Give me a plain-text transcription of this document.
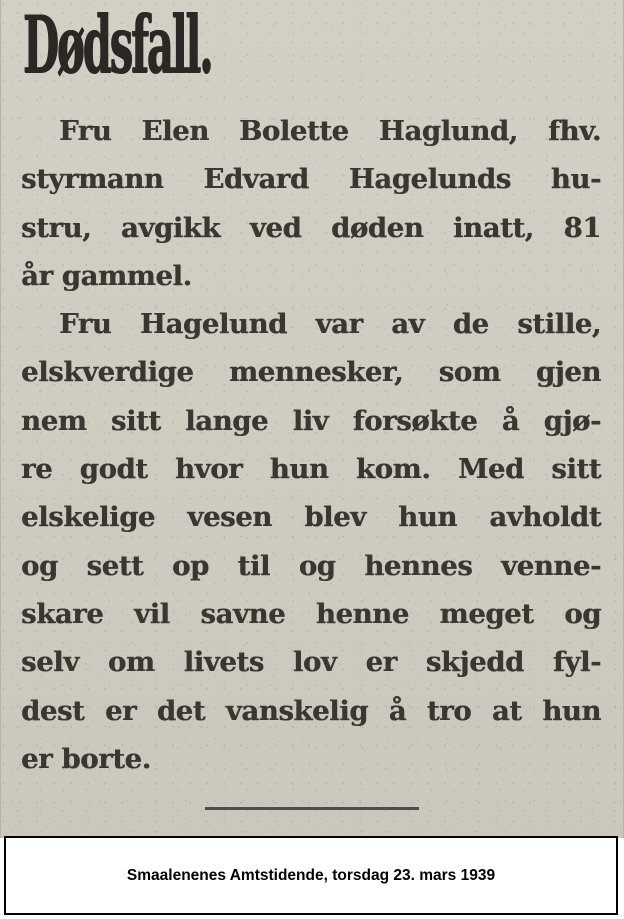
Dødsfall.

Fru Elen Bolette Haglund, fhv.
styrmann Edvard Hagelunds hu-
stru, avgikk ved døden inatt, 81
år gammel.

Fru Hagelund var av de stille,
elskverdige mennesker, som gjen
nem sitt lange liv forsøkte å gjø-
re godt hvor hun kom. Med sitt
elskelige vesen blev hun avholdt
og sett op til og hennes venne-
skare vil savne henne meget og
selv om livets lov er skjedd fyl-
dest er det vanskelig å tro at hun
er borte.

Smaalenenes Amtstidende, torsdag 23. mars 1939
